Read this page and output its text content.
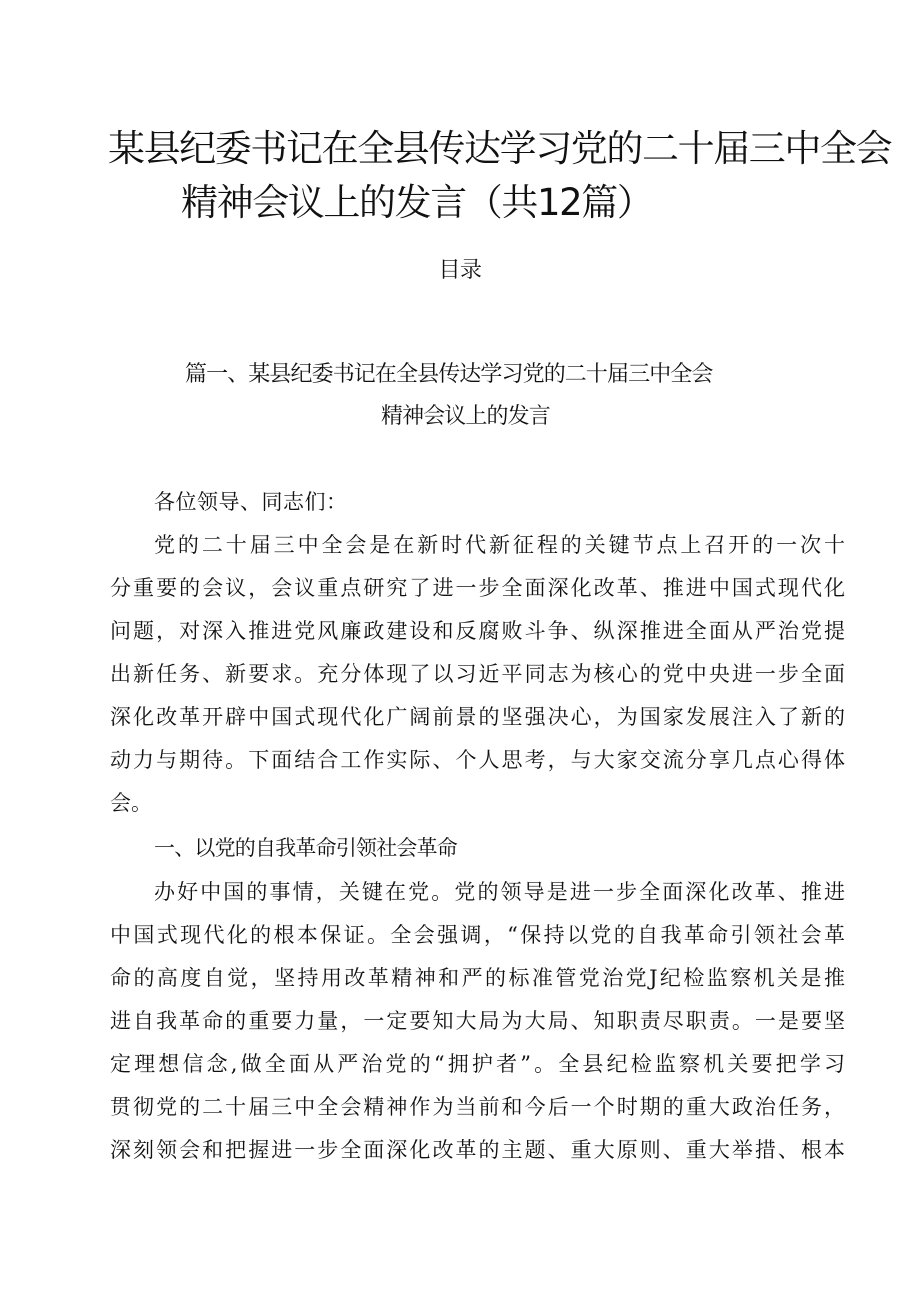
某县纪委书记在全县传达学习党的二十届三中全会
精神会议上的发言（共12篇）
目录
篇一、某县纪委书记在全县传达学习党的二十届三中全会
精神会议上的发言
各位领导、同志们：
党的二十届三中全会是在新时代新征程的关键节点上召开的一次十
分重要的会议，会议重点研究了进一步全面深化改革、推进中国式现代化
问题，对深入推进党风廉政建设和反腐败斗争、纵深推进全面从严治党提
出新任务、新要求。充分体现了以习近平同志为核心的党中央进一步全面
深化改革开辟中国式现代化广阔前景的坚强决心，为国家发展注入了新的
动力与期待。下面结合工作实际、个人思考，与大家交流分享几点心得体
会。
一、以党的自我革命引领社会革命
办好中国的事情，关键在党。党的领导是进一步全面深化改革、推进
中国式现代化的根本保证。全会强调，“保持以党的自我革命引领社会革
命的高度自觉，坚持用改革精神和严的标准管党治党J纪检监察机关是推
进自我革命的重要力量，一定要知大局为大局、知职责尽职责。一是要坚
定理想信念,做全面从严治党的“拥护者”。全县纪检监察机关要把学习
贯彻党的二十届三中全会精神作为当前和今后一个时期的重大政治任务，
深刻领会和把握进一步全面深化改革的主题、重大原则、重大举措、根本
